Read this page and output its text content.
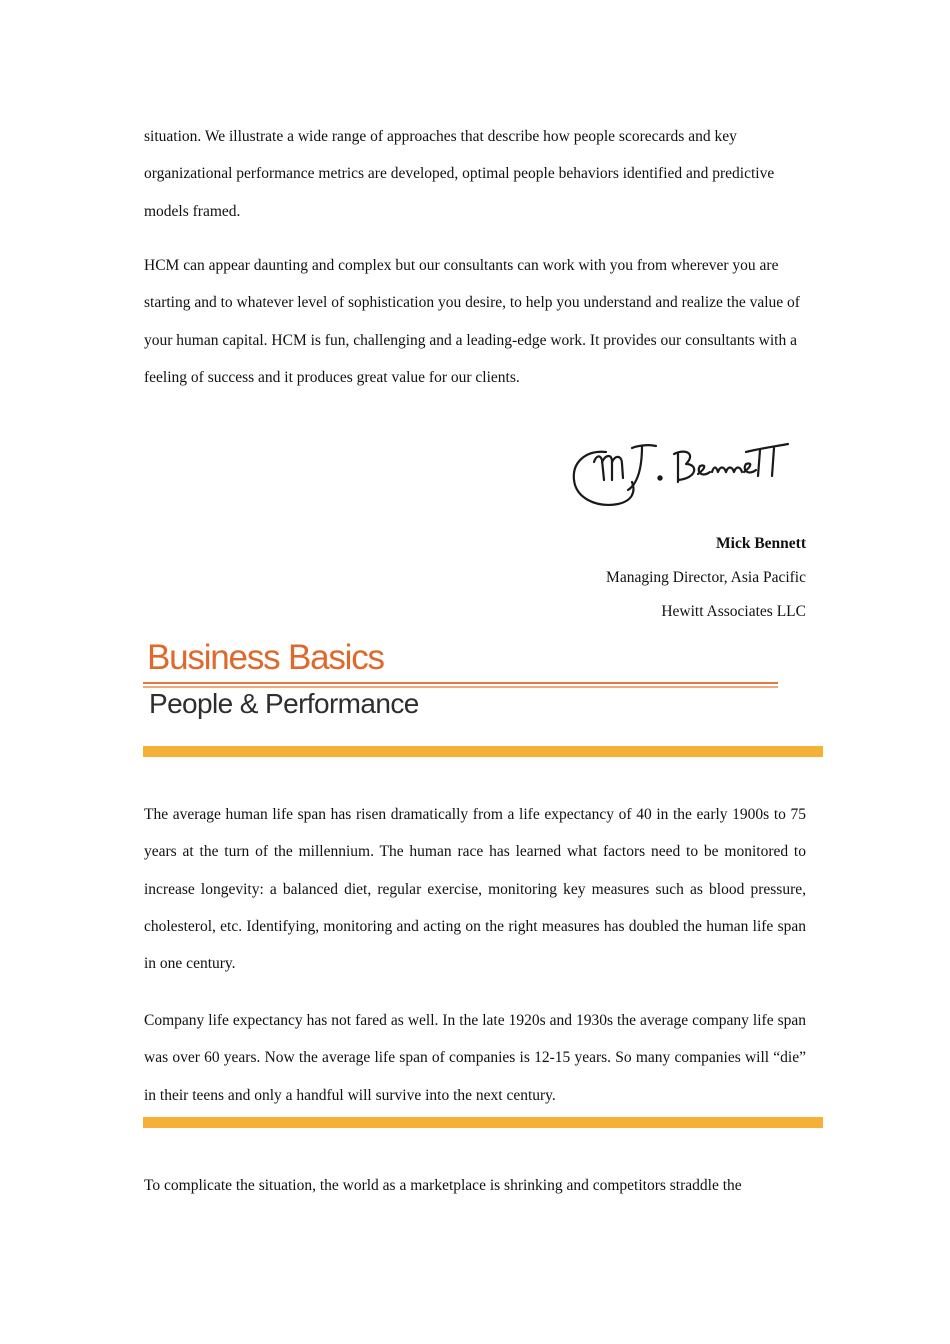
situation. We illustrate a wide range of approaches that describe how people scorecards and key organizational performance metrics are developed, optimal people behaviors identified and predictive models framed.

HCM can appear daunting and complex but our consultants can work with you from wherever you are starting and to whatever level of sophistication you desire, to help you understand and realize the value of your human capital. HCM is fun, challenging and a leading-edge work. It provides our consultants with a feeling of success and it produces great value for our clients.

Mick Bennett
Managing Director, Asia Pacific
Hewitt Associates LLC
Business Basics
People & Performance

The average human life span has risen dramatically from a life expectancy of 40 in the early 1900s to 75 years at the turn of the millennium. The human race has learned what factors need to be monitored to increase longevity: a balanced diet, regular exercise, monitoring key measures such as blood pressure, cholesterol, etc. Identifying, monitoring and acting on the right measures has doubled the human life span in one century.

Company life expectancy has not fared as well. In the late 1920s and 1930s the average company life span was over 60 years. Now the average life span of companies is 12-15 years. So many companies will “die” in their teens and only a handful will survive into the next century.

To complicate the situation, the world as a marketplace is shrinking and competitors straddle the
